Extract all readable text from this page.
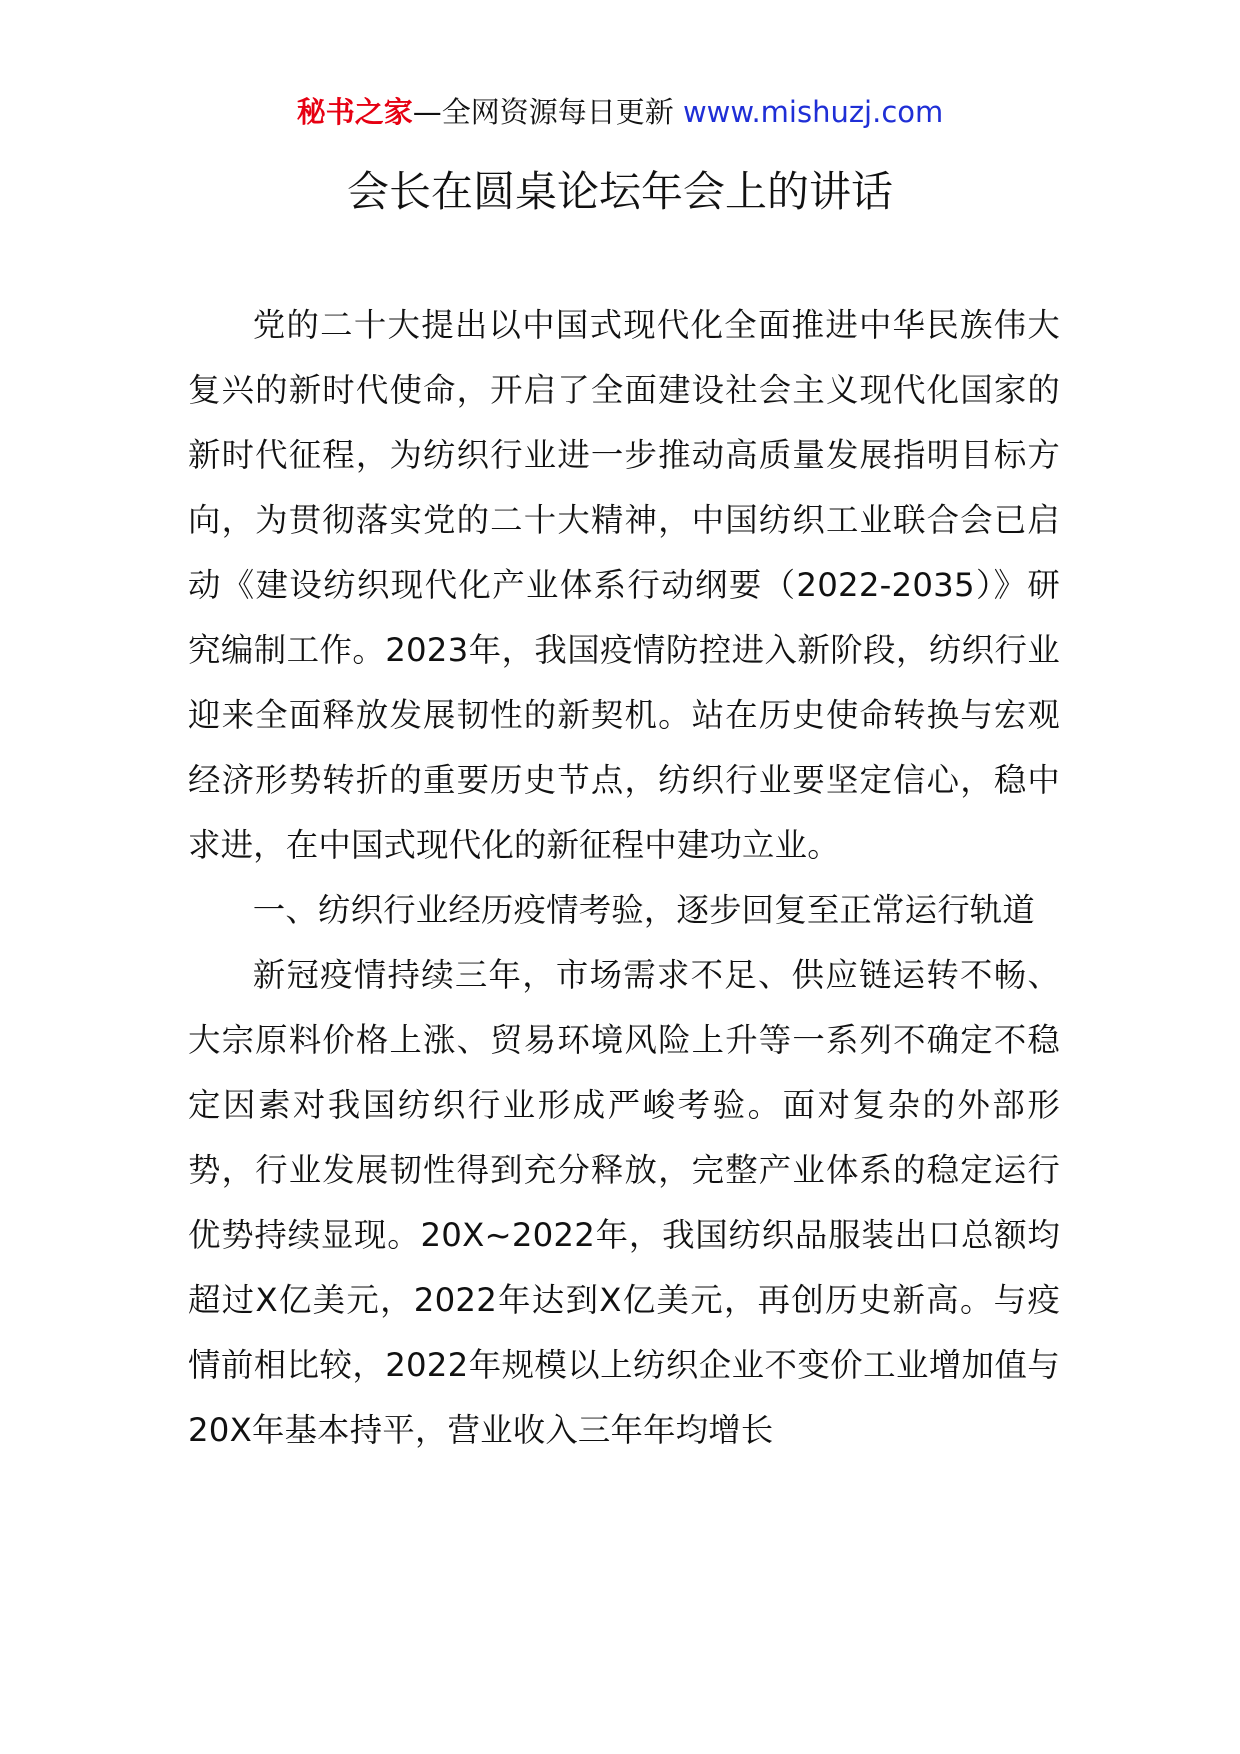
秘书之家—全网资源每日更新 www.mishuzj.com
会长在圆桌论坛年会上的讲话

党的二十大提出以中国式现代化全面推进中华民族伟大复兴的新时代使命，开启了全面建设社会主义现代化国家的新时代征程，为纺织行业进一步推动高质量发展指明目标方向，为贯彻落实党的二十大精神，中国纺织工业联合会已启动《建设纺织现代化产业体系行动纲要（2022-2035）》研究编制工作。2023年，我国疫情防控进入新阶段，纺织行业迎来全面释放发展韧性的新契机。站在历史使命转换与宏观经济形势转折的重要历史节点，纺织行业要坚定信心，稳中求进，在中国式现代化的新征程中建功立业。

一、纺织行业经历疫情考验，逐步回复至正常运行轨道

新冠疫情持续三年，市场需求不足、供应链运转不畅、大宗原料价格上涨、贸易环境风险上升等一系列不确定不稳定因素对我国纺织行业形成严峻考验。面对复杂的外部形势，行业发展韧性得到充分释放，完整产业体系的稳定运行优势持续显现。20X~2022年，我国纺织品服装出口总额均超过X亿美元，2022年达到X亿美元，再创历史新高。与疫情前相比较，2022年规模以上纺织企业不变价工业增加值与20X年基本持平，营业收入三年年均增长
